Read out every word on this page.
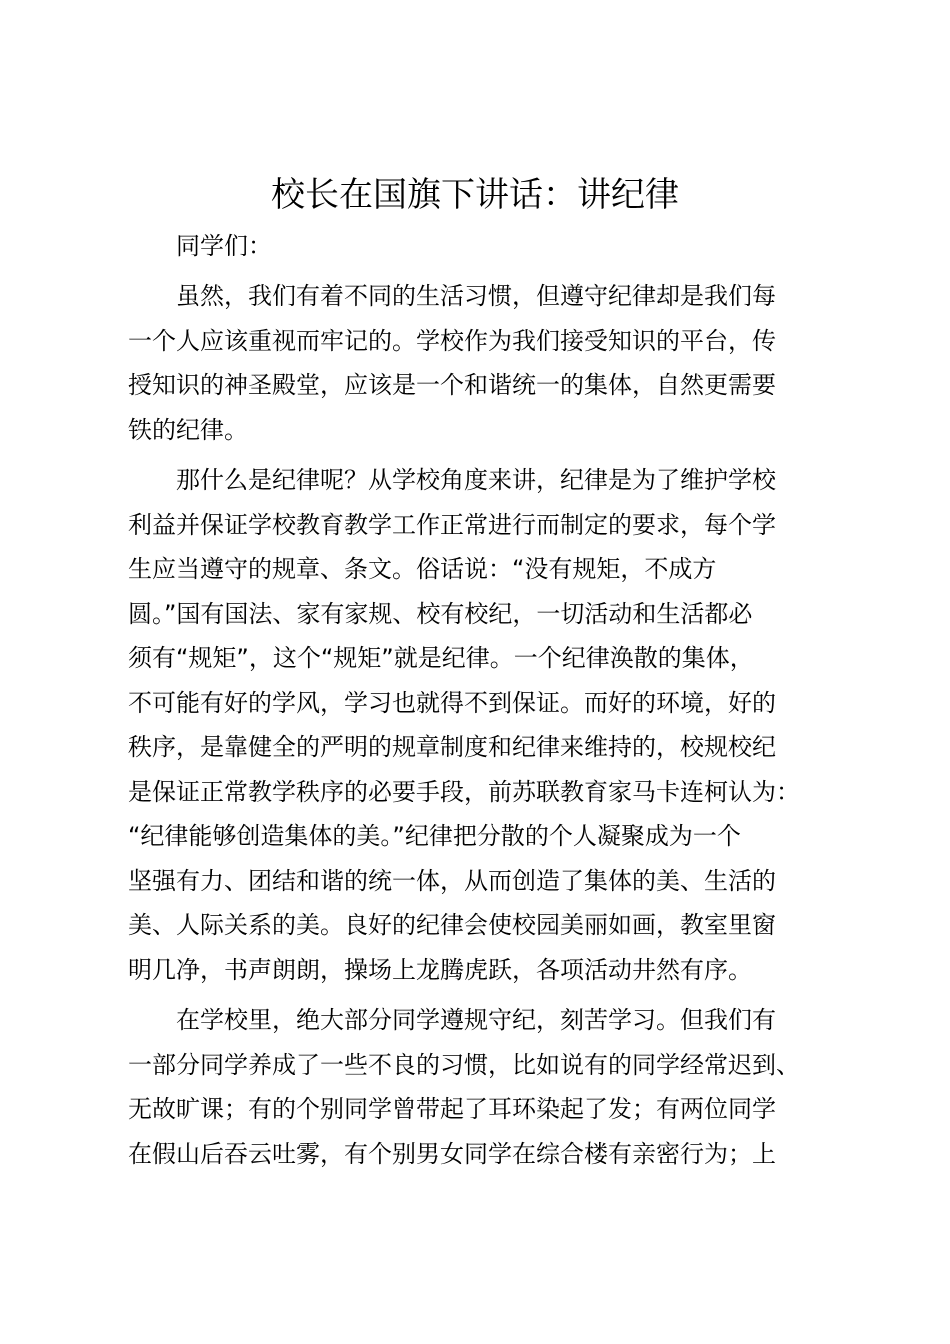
校长在国旗下讲话：讲纪律

同学们：

虽然，我们有着不同的生活习惯，但遵守纪律却是我们每
一个人应该重视而牢记的。学校作为我们接受知识的平台，传
授知识的神圣殿堂，应该是一个和谐统一的集体，自然更需要
铁的纪律。

那什么是纪律呢？从学校角度来讲，纪律是为了维护学校
利益并保证学校教育教学工作正常进行而制定的要求，每个学
生应当遵守的规章、条文。俗话说：“没有规矩，不成方
圆。”国有国法、家有家规、校有校纪，一切活动和生活都必
须有“规矩”，这个“规矩”就是纪律。一个纪律涣散的集体，
不可能有好的学风，学习也就得不到保证。而好的环境，好的
秩序，是靠健全的严明的规章制度和纪律来维持的，校规校纪
是保证正常教学秩序的必要手段，前苏联教育家马卡连柯认为：
“纪律能够创造集体的美。”纪律把分散的个人凝聚成为一个
坚强有力、团结和谐的统一体，从而创造了集体的美、生活的
美、人际关系的美。良好的纪律会使校园美丽如画，教室里窗
明几净，书声朗朗，操场上龙腾虎跃，各项活动井然有序。

在学校里，绝大部分同学遵规守纪，刻苦学习。但我们有
一部分同学养成了一些不良的习惯，比如说有的同学经常迟到、
无故旷课；有的个别同学曾带起了耳环染起了发；有两位同学
在假山后吞云吐雾，有个别男女同学在综合楼有亲密行为；上
